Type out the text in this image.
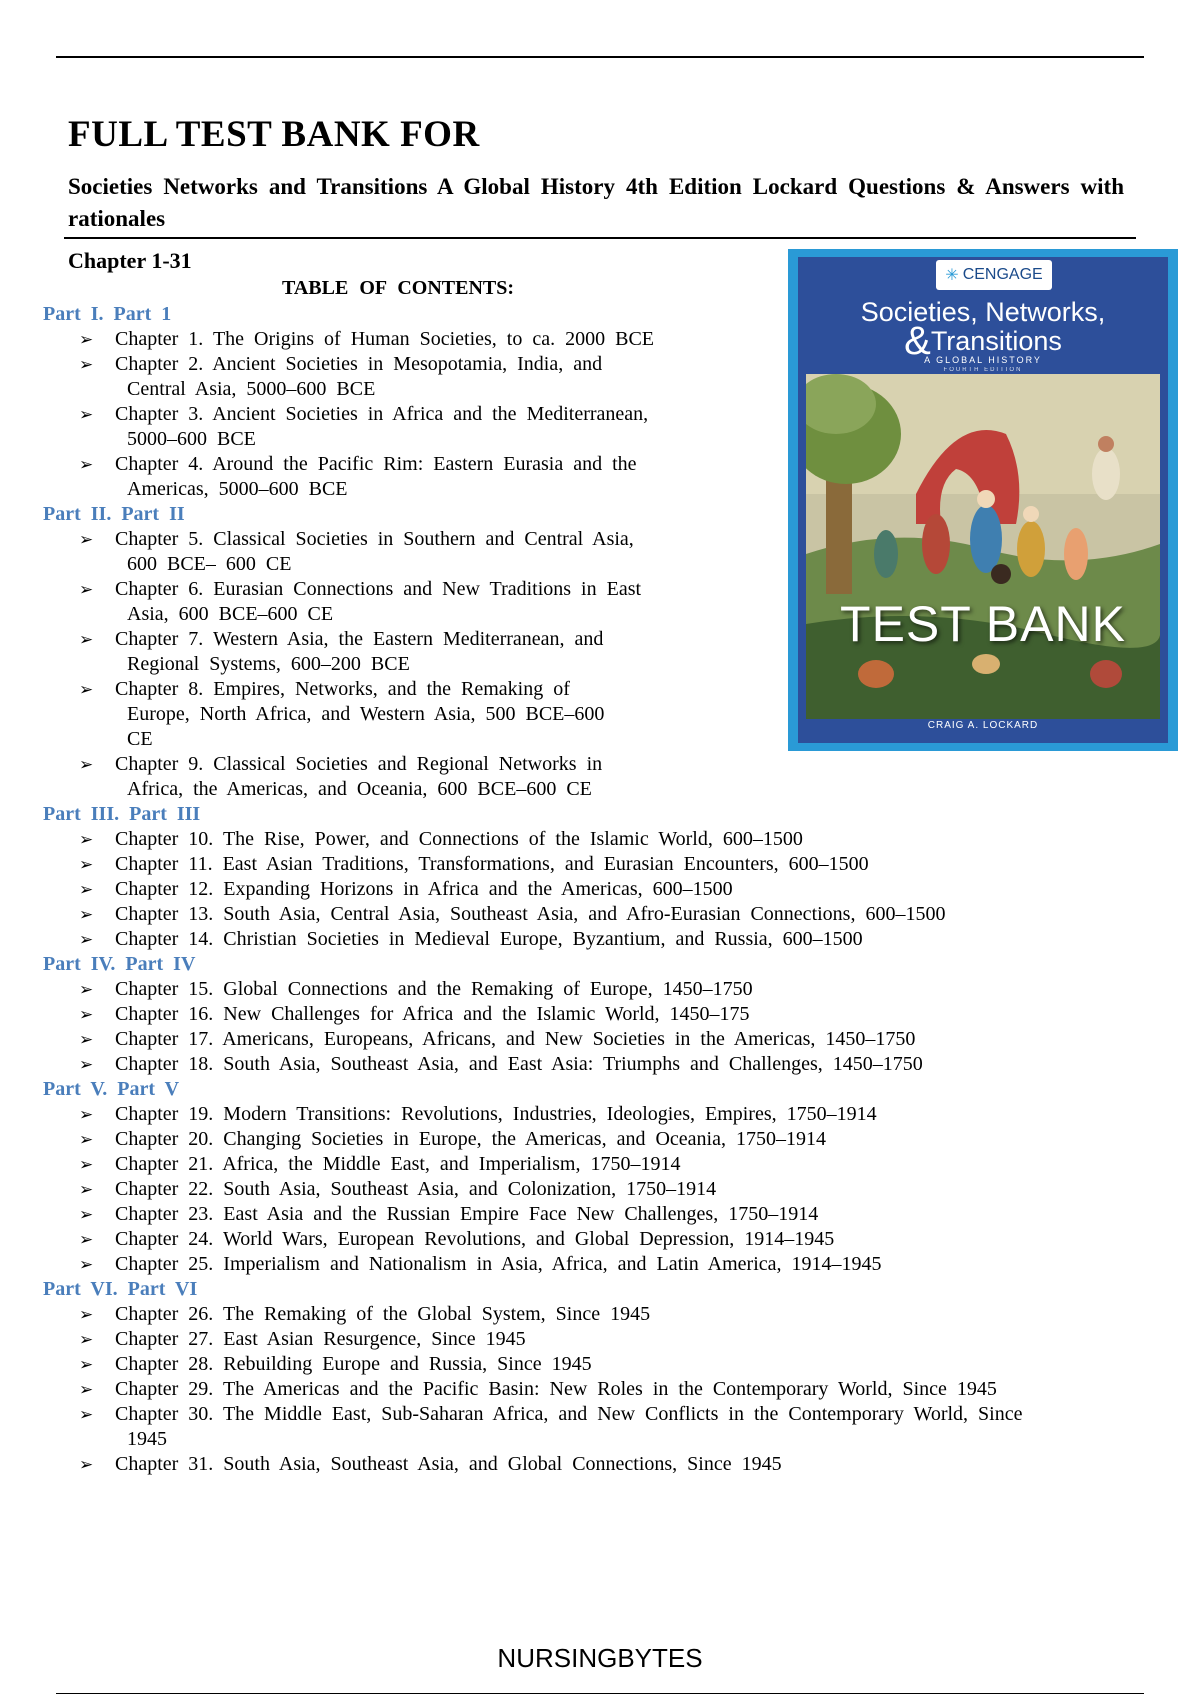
FULL TEST BANK FOR

Societies Networks and Transitions A Global History 4th Edition Lockard Questions & Answers with rationales

Chapter 1-31
TABLE OF CONTENTS:
✳ CENGAGE
Societies, Networks,
&Transitions
A GLOBAL HISTORY
FOURTH EDITION
TEST BANK
CRAIG A. LOCKARD
Part I. Part 1
➢ Chapter 1. The Origins of Human Societies, to ca. 2000 BCE
➢ Chapter 2. Ancient Societies in Mesopotamia, India, and
Central Asia, 5000–600 BCE
➢ Chapter 3. Ancient Societies in Africa and the Mediterranean,
5000–600 BCE
➢ Chapter 4. Around the Pacific Rim: Eastern Eurasia and the
Americas, 5000–600 BCE
Part II. Part II
➢ Chapter 5. Classical Societies in Southern and Central Asia,
600 BCE– 600 CE
➢ Chapter 6. Eurasian Connections and New Traditions in East
Asia, 600 BCE–600 CE
➢ Chapter 7. Western Asia, the Eastern Mediterranean, and
Regional Systems, 600–200 BCE
➢ Chapter 8. Empires, Networks, and the Remaking of
Europe, North Africa, and Western Asia, 500 BCE–600
CE
➢ Chapter 9. Classical Societies and Regional Networks in
Africa, the Americas, and Oceania, 600 BCE–600 CE
Part III. Part III
➢ Chapter 10. The Rise, Power, and Connections of the Islamic World, 600–1500
➢ Chapter 11. East Asian Traditions, Transformations, and Eurasian Encounters, 600–1500
➢ Chapter 12. Expanding Horizons in Africa and the Americas, 600–1500
➢ Chapter 13. South Asia, Central Asia, Southeast Asia, and Afro-Eurasian Connections, 600–1500
➢ Chapter 14. Christian Societies in Medieval Europe, Byzantium, and Russia, 600–1500
Part IV. Part IV
➢ Chapter 15. Global Connections and the Remaking of Europe, 1450–1750
➢ Chapter 16. New Challenges for Africa and the Islamic World, 1450–175
➢ Chapter 17. Americans, Europeans, Africans, and New Societies in the Americas, 1450–1750
➢ Chapter 18. South Asia, Southeast Asia, and East Asia: Triumphs and Challenges, 1450–1750
Part V. Part V
➢ Chapter 19. Modern Transitions: Revolutions, Industries, Ideologies, Empires, 1750–1914
➢ Chapter 20. Changing Societies in Europe, the Americas, and Oceania, 1750–1914
➢ Chapter 21. Africa, the Middle East, and Imperialism, 1750–1914
➢ Chapter 22. South Asia, Southeast Asia, and Colonization, 1750–1914
➢ Chapter 23. East Asia and the Russian Empire Face New Challenges, 1750–1914
➢ Chapter 24. World Wars, European Revolutions, and Global Depression, 1914–1945
➢ Chapter 25. Imperialism and Nationalism in Asia, Africa, and Latin America, 1914–1945
Part VI. Part VI
➢ Chapter 26. The Remaking of the Global System, Since 1945
➢ Chapter 27. East Asian Resurgence, Since 1945
➢ Chapter 28. Rebuilding Europe and Russia, Since 1945
➢ Chapter 29. The Americas and the Pacific Basin: New Roles in the Contemporary World, Since 1945
➢ Chapter 30. The Middle East, Sub-Saharan Africa, and New Conflicts in the Contemporary World, Since
1945
➢ Chapter 31. South Asia, Southeast Asia, and Global Connections, Since 1945
NURSINGBYTES
